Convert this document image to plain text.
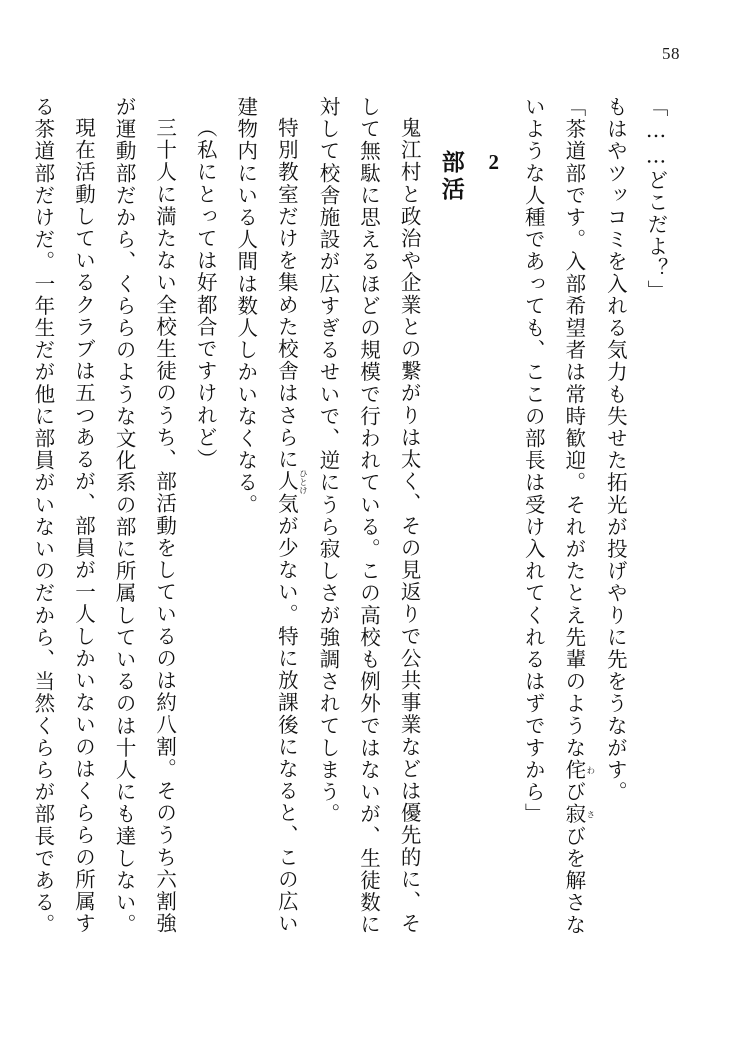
58

「……どこだよ？」

もはやツッコミを入れる気力も失せた拓光が投げやりに先をうながす。

「茶道部です。入部希望者は常時歓迎。それがたとえ先輩のような侘 わび寂 さびを解さないような人種であっても、ここの部長は受け入れてくれるはずですから」

2
部活

鬼江村と政治や企業との繋がりは太く、その見返りで公共事業などは優先的に、そして無駄に思えるほどの規模で行われている。この高校も例外ではないが、生徒数に対して校舎施設が広すぎるせいで、逆にうら寂しさが強調されてしまう。

特別教室だけを集めた校舎はさらに人 ひとけ気が少ない。特に放課後になると、この広い建物内にいる人間は数人しかいなくなる。

（私にとっては好都合ですけれど）

三十人に満たない全校生徒のうち、部活動をしているのは約八割。そのうち六割強が運動部だから、くららのような文化系の部に所属しているのは十人にも達しない。

現在活動しているクラブは五つあるが、部員が一人しかいないのはくららの所属する茶道部だけだ。一年生だが他に部員がいないのだから、当然くららが部長である。
